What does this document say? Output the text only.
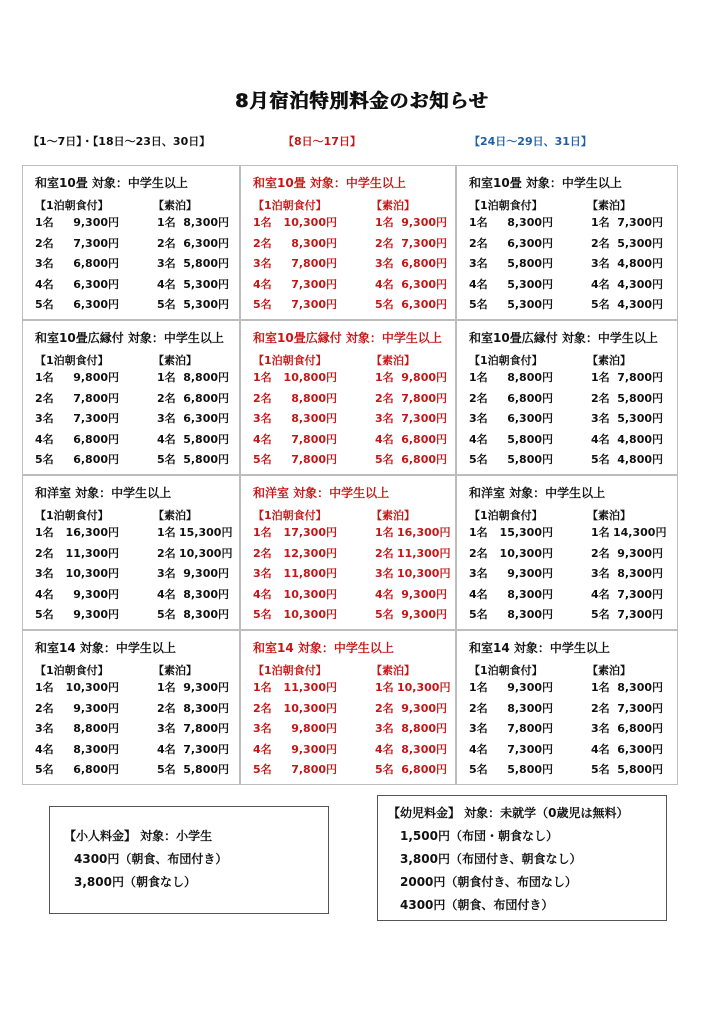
8月宿泊特別料金のお知らせ
【1～7日】・【18日～23日、30日】	【8日～17日】	【24日～29日、31日】
和室10畳 対象：中学生以上
【1泊朝食付】	【素泊】
1名 9,300円	1名 8,300円
2名 7,300円	2名 6,300円
3名 6,800円	3名 5,800円
4名 6,300円	4名 5,300円
5名 6,300円	5名 5,300円
和室10畳 対象：中学生以上
【1泊朝食付】	【素泊】
1名 10,300円	1名 9,300円
2名 8,300円	2名 7,300円
3名 7,800円	3名 6,800円
4名 7,300円	4名 6,300円
5名 7,300円	5名 6,300円
和室10畳 対象：中学生以上
【1泊朝食付】	【素泊】
1名 8,300円	1名 7,300円
2名 6,300円	2名 5,300円
3名 5,800円	3名 4,800円
4名 5,300円	4名 4,300円
5名 5,300円	5名 4,300円
和室10畳広縁付 対象：中学生以上
【1泊朝食付】	【素泊】
1名 9,800円	1名 8,800円
2名 7,800円	2名 6,800円
3名 7,300円	3名 6,300円
4名 6,800円	4名 5,800円
5名 6,800円	5名 5,800円
和室10畳広縁付 対象：中学生以上
【1泊朝食付】	【素泊】
1名 10,800円	1名 9,800円
2名 8,800円	2名 7,800円
3名 8,300円	3名 7,300円
4名 7,800円	4名 6,800円
5名 7,800円	5名 6,800円
和室10畳広縁付 対象：中学生以上
【1泊朝食付】	【素泊】
1名 8,800円	1名 7,800円
2名 6,800円	2名 5,800円
3名 6,300円	3名 5,300円
4名 5,800円	4名 4,800円
5名 5,800円	5名 4,800円
和洋室 対象：中学生以上
【1泊朝食付】	【素泊】
1名 16,300円	1名 15,300円
2名 11,300円	2名 10,300円
3名 10,300円	3名 9,300円
4名 9,300円	4名 8,300円
5名 9,300円	5名 8,300円
和洋室 対象：中学生以上
【1泊朝食付】	【素泊】
1名 17,300円	1名 16,300円
2名 12,300円	2名 11,300円
3名 11,800円	3名 10,300円
4名 10,300円	4名 9,300円
5名 10,300円	5名 9,300円
和洋室 対象：中学生以上
【1泊朝食付】	【素泊】
1名 15,300円	1名 14,300円
2名 10,300円	2名 9,300円
3名 9,300円	3名 8,300円
4名 8,300円	4名 7,300円
5名 8,300円	5名 7,300円
和室14 対象：中学生以上
【1泊朝食付】	【素泊】
1名 10,300円	1名 9,300円
2名 9,300円	2名 8,300円
3名 8,800円	3名 7,800円
4名 8,300円	4名 7,300円
5名 6,800円	5名 5,800円
和室14 対象：中学生以上
【1泊朝食付】	【素泊】
1名 11,300円	1名 10,300円
2名 10,300円	2名 9,300円
3名 9,800円	3名 8,800円
4名 9,300円	4名 8,300円
5名 7,800円	5名 6,800円
和室14 対象：中学生以上
【1泊朝食付】	【素泊】
1名 9,300円	1名 8,300円
2名 8,300円	2名 7,300円
3名 7,800円	3名 6,800円
4名 7,300円	4名 6,300円
5名 5,800円	5名 5,800円
【小人料金】 対象：小学生
4300円（朝食、布団付き）
3,800円（朝食なし）
【幼児料金】 対象：未就学（0歳児は無料）
1,500円（布団・朝食なし）
3,800円（布団付き、朝食なし）
2000円（朝食付き、布団なし）
4300円（朝食、布団付き）
